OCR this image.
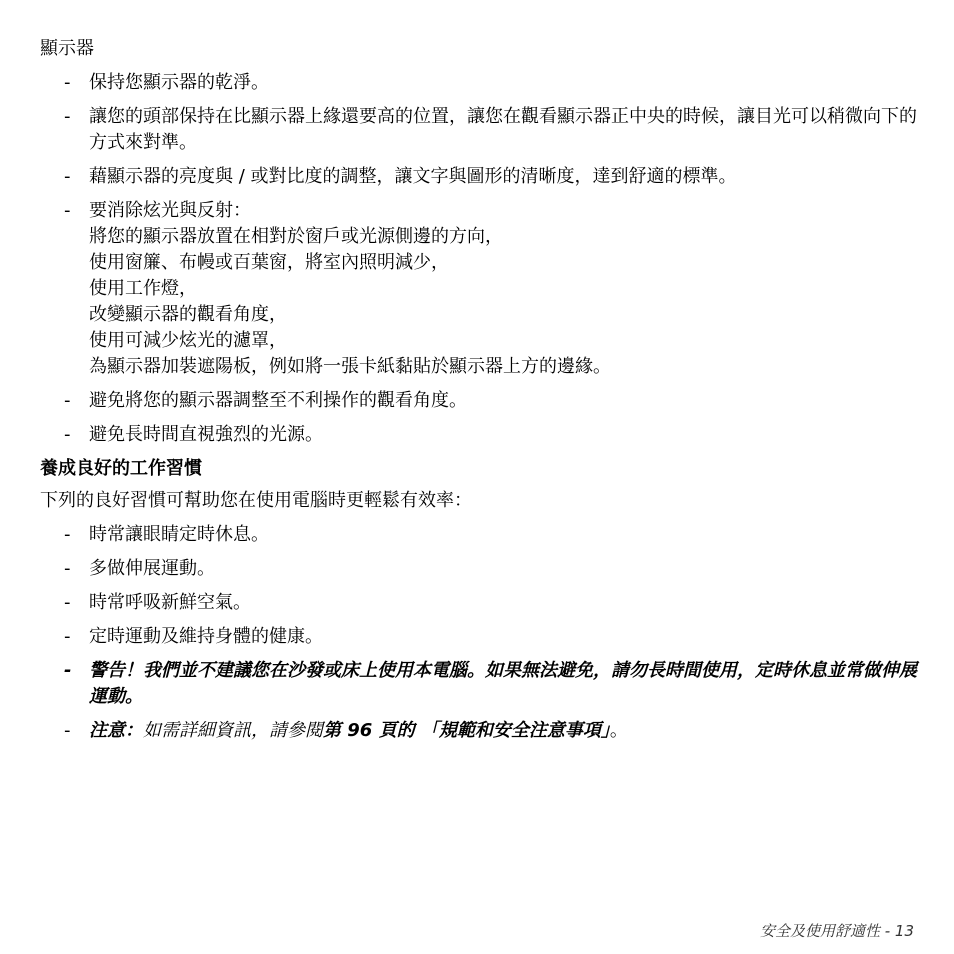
顯示器
- 保持您顯示器的乾淨。
- 讓您的頭部保持在比顯示器上緣還要高的位置，讓您在觀看顯示器正中央的時候，讓目光可以稍微向下的方式來對準。
- 藉顯示器的亮度與 / 或對比度的調整，讓文字與圖形的清晰度，達到舒適的標準。
- 要消除炫光與反射：
將您的顯示器放置在相對於窗戶或光源側邊的方向，
使用窗簾、布幔或百葉窗，將室內照明減少，
使用工作燈，
改變顯示器的觀看角度，
使用可減少炫光的濾罩，
為顯示器加裝遮陽板，例如將一張卡紙黏貼於顯示器上方的邊緣。
- 避免將您的顯示器調整至不利操作的觀看角度。
- 避免長時間直視強烈的光源。
養成良好的工作習慣
下列的良好習慣可幫助您在使用電腦時更輕鬆有效率：
- 時常讓眼睛定時休息。
- 多做伸展運動。
- 時常呼吸新鮮空氣。
- 定時運動及維持身體的健康。
- 警告！我們並不建議您在沙發或床上使用本電腦。如果無法避免，請勿長時間使用，定時休息並常做伸展運動。
- 注意：如需詳細資訊，請參閱第 96 頁的 「規範和安全注意事項」。
安全及使用舒適性 - 13
